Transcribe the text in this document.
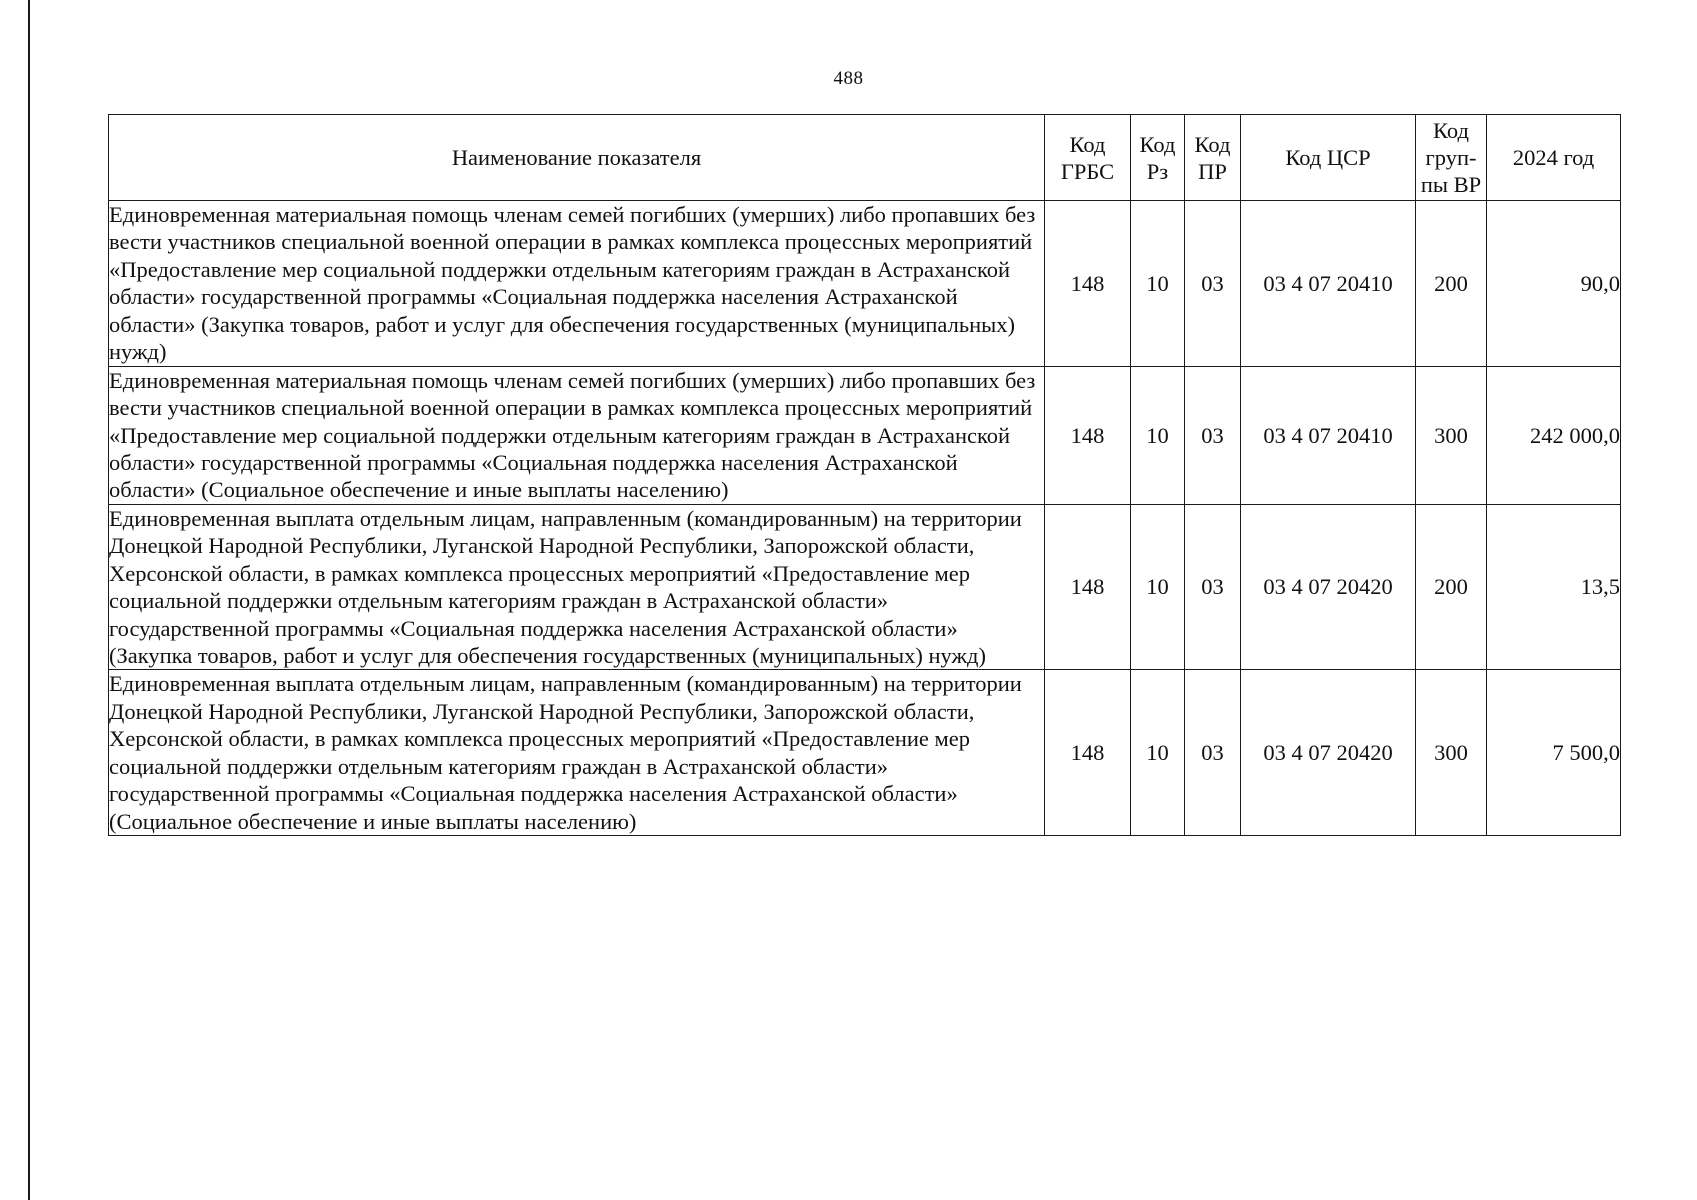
488
Наименование показателя	Код ГРБС	Код Рз	Код ПР	Код ЦСР	Код груп-пы ВР	2024 год
Единовременная материальная помощь членам семей погибших (умерших) либо пропавших без вести участников специальной военной операции в рамках комплекса процессных мероприятий «Предоставление мер социальной поддержки отдельным категориям граждан в Астраханской области» государственной программы «Социальная поддержка населения Астраханской области» (Закупка товаров, работ и услуг для обеспечения государственных (муниципальных) нужд)	148	10	03	03 4 07 20410	200	90,0
Единовременная материальная помощь членам семей погибших (умерших) либо пропавших без вести участников специальной военной операции в рамках комплекса процессных мероприятий «Предоставление мер социальной поддержки отдельным категориям граждан в Астраханской области» государственной программы «Социальная поддержка населения Астраханской области» (Социальное обеспечение и иные выплаты населению)	148	10	03	03 4 07 20410	300	242 000,0
Единовременная выплата отдельным лицам, направленным (командированным) на территории Донецкой Народной Республики, Луганской Народной Республики, Запорожской области, Херсонской области, в рамках комплекса процессных мероприятий «Предоставление мер социальной поддержки отдельным категориям граждан в Астраханской области» государственной программы «Социальная поддержка населения Астраханской области» (Закупка товаров, работ и услуг для обеспечения государственных (муниципальных) нужд)	148	10	03	03 4 07 20420	200	13,5
Единовременная выплата отдельным лицам, направленным (командированным) на территории Донецкой Народной Республики, Луганской Народной Республики, Запорожской области, Херсонской области, в рамках комплекса процессных мероприятий «Предоставление мер социальной поддержки отдельным категориям граждан в Астраханской области» государственной программы «Социальная поддержка населения Астраханской области» (Социальное обеспечение и иные выплаты населению)	148	10	03	03 4 07 20420	300	7 500,0
